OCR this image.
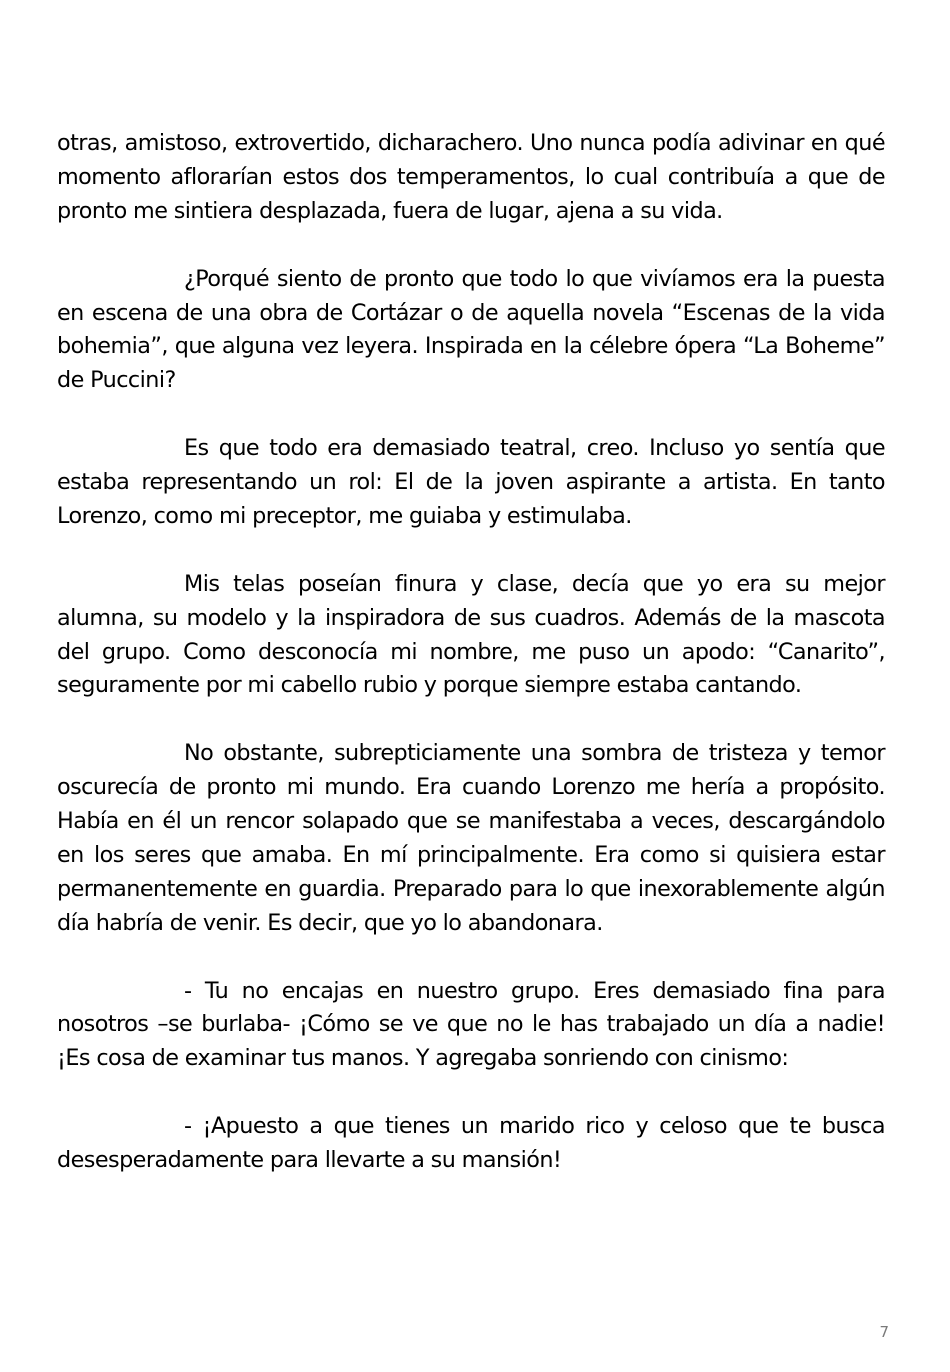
otras, amistoso, extrovertido, dicharachero. Uno nunca podía adivinar en qué momento aflorarían estos dos temperamentos, lo cual contribuía a que de pronto me sintiera desplazada, fuera de lugar, ajena a su vida.

¿Porqué siento de pronto que todo lo que vivíamos era la puesta en escena de una obra de Cortázar o de aquella novela “Escenas de la vida bohemia”, que alguna vez leyera. Inspirada en la célebre ópera “La Boheme” de Puccini?

Es que todo era demasiado teatral, creo. Incluso yo sentía que estaba representando un rol: El de la joven aspirante a artista. En tanto Lorenzo, como mi preceptor, me guiaba y estimulaba.

Mis telas poseían finura y clase, decía que yo era su mejor alumna, su modelo y la inspiradora de sus cuadros. Además de la mascota del grupo. Como desconocía mi nombre, me puso un apodo: “Canarito”, seguramente por mi cabello rubio y porque siempre estaba cantando.

No obstante, subrepticiamente una sombra de tristeza y temor oscurecía de pronto mi mundo. Era cuando Lorenzo me hería a propósito. Había en él un rencor solapado que se manifestaba a veces, descargándolo en los seres que amaba. En mí principalmente. Era como si quisiera estar permanentemente en guardia. Preparado para lo que inexorablemente algún día habría de venir. Es decir, que yo lo abandonara.

- Tu no encajas en nuestro grupo. Eres demasiado fina para nosotros –se burlaba- ¡Cómo se ve que no le has trabajado un día a nadie! ¡Es cosa de examinar tus manos. Y agregaba sonriendo con cinismo:

- ¡Apuesto a que tienes un marido rico y celoso que te busca desesperadamente para llevarte a su mansión!

7
